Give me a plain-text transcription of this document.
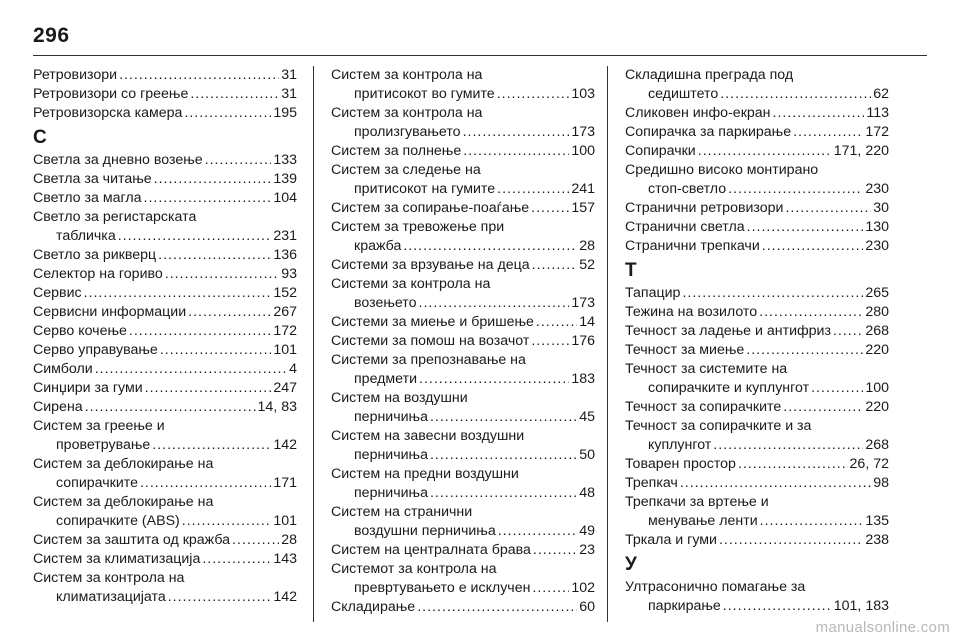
296
Ретровизори .....	31
Ретровизори со греење .....	31
Ретровизорска камера .....	195
С
Светла за дневно возење .....	133
Светла за читање .....	139
Светло за магла .....	104
Светло за регистарската
табличка .....	231
Светло за рикверц .....	136
Селектор на гориво .....	93
Сервис .....	152
Сервисни информации .....	267
Серво кочење .....	172
Серво управување .....	101
Симболи .....	4
Синџири за гуми .....	247
Сирена .....	14, 83
Систем за греење и
проветрување .....	142
Систем за деблокирање на
сопирачките .....	171
Систем за деблокирање на
сопирачките (ABS) .....	101
Систем за заштита од кражба .....	28
Систем за климатизација .....	143
Систем за контрола на
климатизацијата .....	142
Систем за контрола на
притисокот во гумите .....	103
Систем за контрола на
пролизгувањето .....	173
Систем за полнење .....	100
Систем за следење на
притисокот на гумите .....	241
Систем за сопирање-поаѓање .....	157
Систем за тревожење при
кражба .....	28
Системи за врзување на деца .....	52
Системи за контрола на
возењето .....	173
Системи за миење и бришење .....	14
Системи за помош на возачот .....	176
Системи за препознавање на
предмети .....	183
Систем на воздушни
перничиња .....	45
Систем на завесни воздушни
перничиња .....	50
Систем на предни воздушни
перничиња .....	48
Систем на странични
воздушни перничиња .....	49
Систем на централната брава .....	23
Системот за контрола на
превртувањето е исклучен .....	102
Складирање .....	60
Складишна преграда под
седиштето .....	62
Сликовен инфо-екран .....	113
Сопирачка за паркирање .....	172
Сопирачки .....	171, 220
Средишно високо монтирано
стоп-светло .....	230
Странични ретровизори .....	30
Странични светла .....	130
Странични трепкачи .....	230
Т
Тапацир .....	265
Тежина на возилото .....	280
Течност за ладење и антифриз ..... 268
Течност за миење .....	220
Течност за системите на
сопирачките и куплунгот .....	100
Течност за сопирачките .....	220
Течност за сопирачките и за
куплунгот .....	268
Товарен простор .....	26, 72
Трепкач .....	98
Трепкачи за вртење и
менување ленти .....	135
Тркала и гуми .....	238
У
Ултрасонично помагање за
паркирање .....	101, 183
manualsonline.com
